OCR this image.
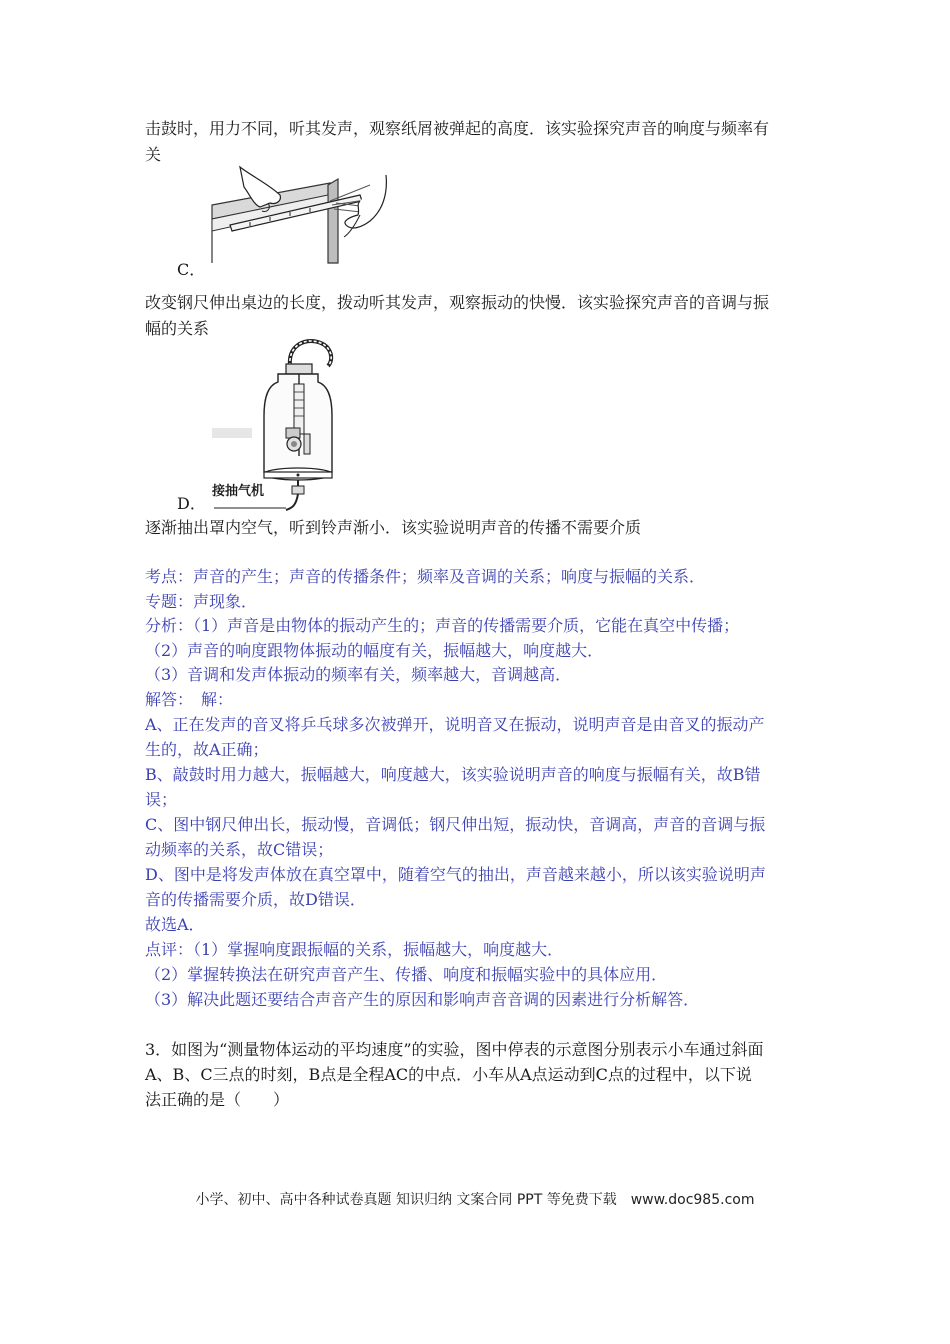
击鼓时，用力不同，听其发声，观察纸屑被弹起的高度．该实验探究声音的响度与频率有
关
C．
改变钢尺伸出桌边的长度，拨动听其发声，观察振动的快慢．该实验探究声音的音调与振
幅的关系
接抽气机
D．
逐渐抽出罩内空气，听到铃声渐小．该实验说明声音的传播不需要介质
考点：声音的产生；声音的传播条件；频率及音调的关系；响度与振幅的关系．
专题：声现象．
分析：（1）声音是由物体的振动产生的；声音的传播需要介质，它能在真空中传播；
（2）声音的响度跟物体振动的幅度有关，振幅越大，响度越大．
（3）音调和发声体振动的频率有关，频率越大，音调越高．
解答：　解：
A、正在发声的音叉将乒乓球多次被弹开，说明音叉在振动，说明声音是由音叉的振动产
生的，故A正确；
B、敲鼓时用力越大，振幅越大，响度越大，该实验说明声音的响度与振幅有关，故B错
误；
C、图中钢尺伸出长，振动慢，音调低；钢尺伸出短，振动快，音调高，声音的音调与振
动频率的关系，故C错误；
D、图中是将发声体放在真空罩中，随着空气的抽出，声音越来越小，所以该实验说明声
音的传播需要介质，故D错误．
故选A．
点评：（1）掌握响度跟振幅的关系，振幅越大，响度越大．
（2）掌握转换法在研究声音产生、传播、响度和振幅实验中的具体应用．
（3）解决此题还要结合声音产生的原因和影响声音音调的因素进行分析解答．
3．如图为“测量物体运动的平均速度”的实验，图中停表的示意图分别表示小车通过斜面
A、B、C三点的时刻，B点是全程AC的中点．小车从A点运动到C点的过程中，以下说
法正确的是（　　）
小学、初中、高中各种试卷真题 知识归纳 文案合同 PPT 等免费下载　www.doc985.com
